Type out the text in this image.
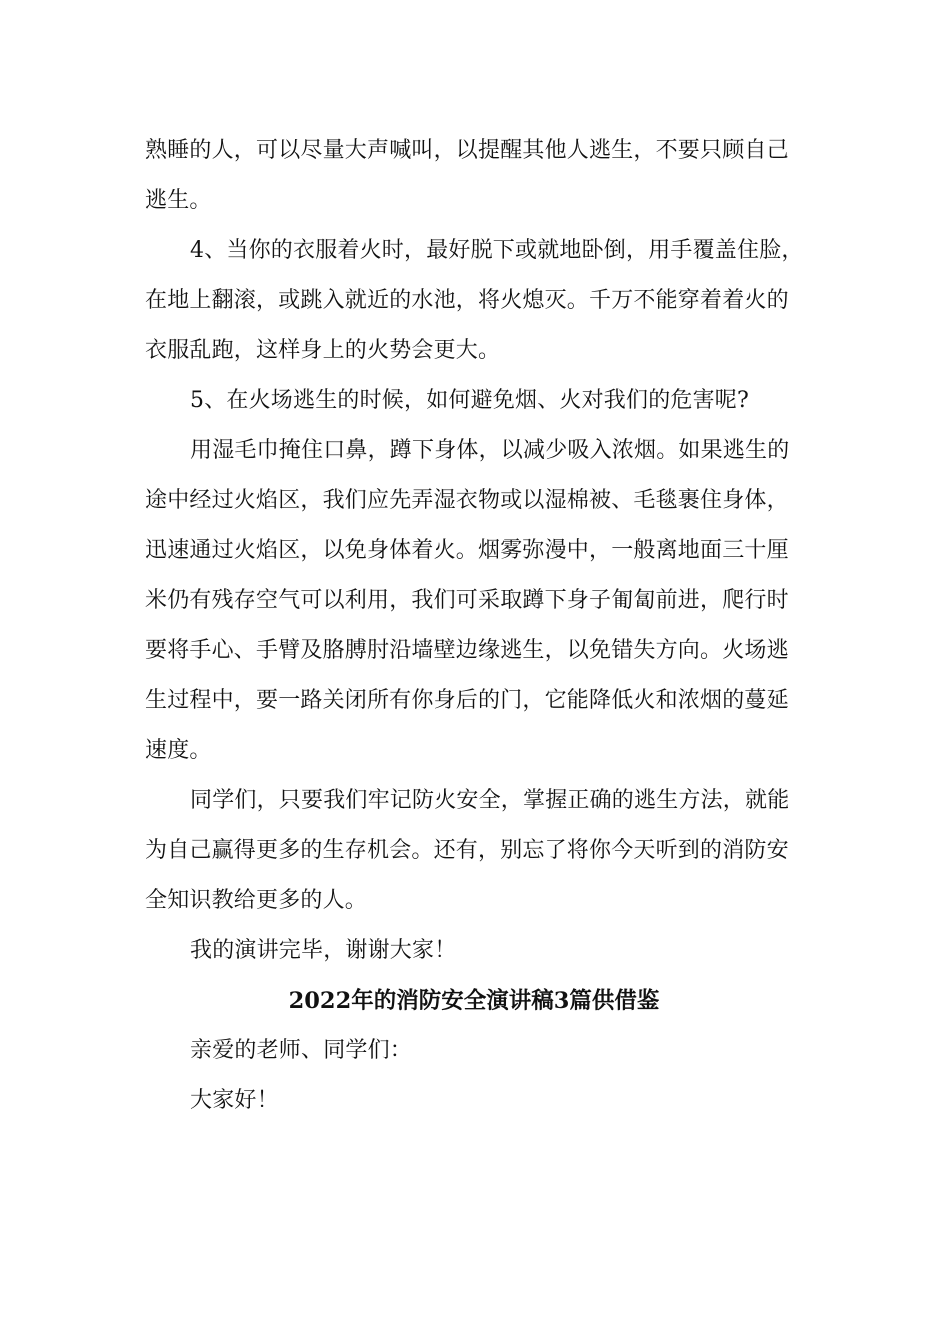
熟睡的人，可以尽量大声喊叫，以提醒其他人逃生，不要只顾自己
逃生。
4、当你的衣服着火时，最好脱下或就地卧倒，用手覆盖住脸，
在地上翻滚，或跳入就近的水池，将火熄灭。千万不能穿着着火的
衣服乱跑，这样身上的火势会更大。
5、在火场逃生的时候，如何避免烟、火对我们的危害呢?
用湿毛巾掩住口鼻，蹲下身体，以减少吸入浓烟。如果逃生的
途中经过火焰区，我们应先弄湿衣物或以湿棉被、毛毯裹住身体，
迅速通过火焰区，以免身体着火。烟雾弥漫中，一般离地面三十厘
米仍有残存空气可以利用，我们可采取蹲下身子匍匐前进，爬行时
要将手心、手臂及胳膊肘沿墙壁边缘逃生，以免错失方向。火场逃
生过程中，要一路关闭所有你身后的门，它能降低火和浓烟的蔓延
速度。
同学们，只要我们牢记防火安全，掌握正确的逃生方法，就能
为自己赢得更多的生存机会。还有，别忘了将你今天听到的消防安
全知识教给更多的人。
我的演讲完毕，谢谢大家！
2022年的消防安全演讲稿3篇供借鉴
亲爱的老师、同学们：
大家好！
